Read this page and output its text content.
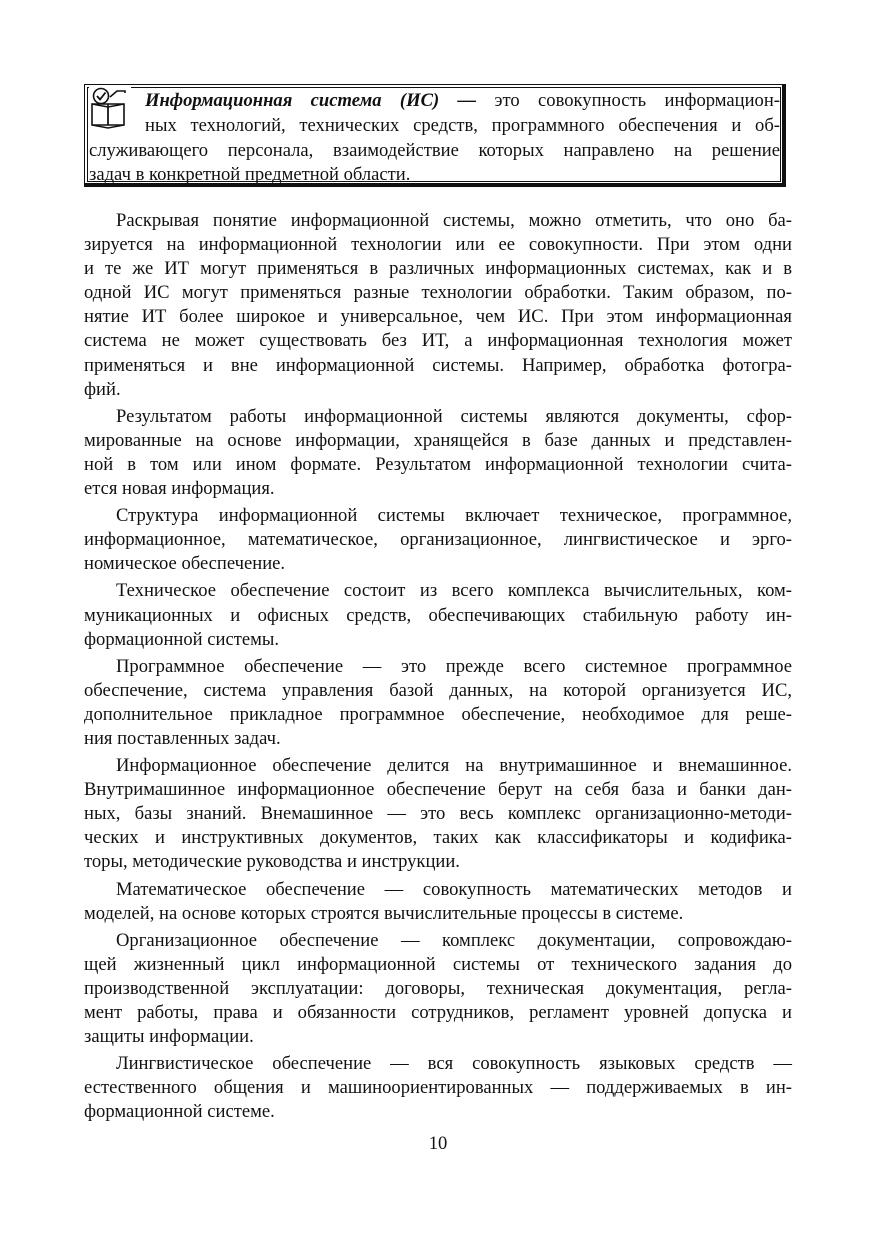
Информационная система (ИС) — это совокупность информацион-
ных технологий, технических средств, программного обеспечения и об-
служивающего персонала, взаимодействие которых направлено на решение
задач в конкретной предметной области.
Раскрывая понятие информационной системы, можно отметить, что оно ба-
зируется на информационной технологии или ее совокупности. При этом одни
и те же ИТ могут применяться в различных информационных системах, как и в
одной ИС могут применяться разные технологии обработки. Таким образом, по-
нятие ИТ более широкое и универсальное, чем ИС. При этом информационная
система не может существовать без ИТ, а информационная технология может
применяться и вне информационной системы. Например, обработка фотогра-
фий.
Результатом работы информационной системы являются документы, сфор-
мированные на основе информации, хранящейся в базе данных и представлен-
ной в том или ином формате. Результатом информационной технологии счита-
ется новая информация.
Структура информационной системы включает техническое, программное,
информационное, математическое, организационное, лингвистическое и эрго-
номическое обеспечение.
Техническое обеспечение состоит из всего комплекса вычислительных, ком-
муникационных и офисных средств, обеспечивающих стабильную работу ин-
формационной системы.
Программное обеспечение — это прежде всего системное программное
обеспечение, система управления базой данных, на которой организуется ИС,
дополнительное прикладное программное обеспечение, необходимое для реше-
ния поставленных задач.
Информационное обеспечение делится на внутримашинное и внемашинное.
Внутримашинное информационное обеспечение берут на себя база и банки дан-
ных, базы знаний. Внемашинное — это весь комплекс организационно-методи-
ческих и инструктивных документов, таких как классификаторы и кодифика-
торы, методические руководства и инструкции.
Математическое обеспечение — совокупность математических методов и
моделей, на основе которых строятся вычислительные процессы в системе.
Организационное обеспечение — комплекс документации, сопровождаю-
щей жизненный цикл информационной системы от технического задания до
производственной эксплуатации: договоры, техническая документация, регла-
мент работы, права и обязанности сотрудников, регламент уровней допуска и
защиты информации.
Лингвистическое обеспечение — вся совокупность языковых средств —
естественного общения и машиноориентированных — поддерживаемых в ин-
формационной системе.
10
